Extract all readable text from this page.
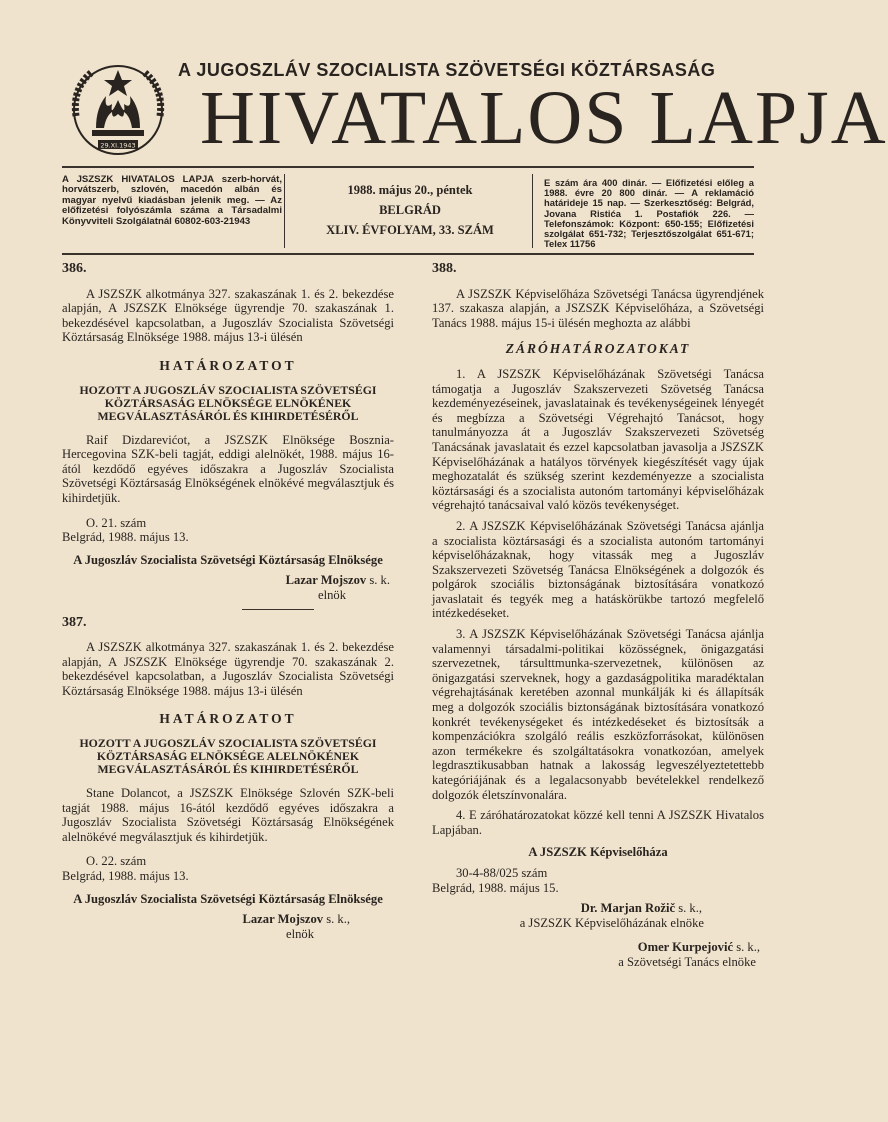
29.XI.1943
A JUGOSZLÁV SZOCIALISTA SZÖVETSÉGI KÖZTÁRSASÁG
HIVATALOS LAPJA
A JSZSZK HIVATALOS LAPJA szerb-horvát, horvátszerb, szlovén, macedón albán és magyar nyelvű kiadásban jelenik meg. — Az előfizetési folyószámla száma a Társadalmi Könyvviteli Szolgálatnál 60802-603-21943
1988. május 20., péntek
BELGRÁD
XLIV. ÉVFOLYAM, 33. SZÁM
E szám ára 400 dinár. — Előfizetési előleg a 1988. évre 20 800 dinár. — A reklamáció határideje 15 nap. — Szerkesztőség: Belgrád, Jovana Ristića 1. Postafiók 226. — Telefonszámok: Központ: 650-155; Előfizetési szolgálat 651-732; Terjesztőszolgálat 651-671; Telex 11756
386.

A JSZSZK alkotmánya 327. szakaszának 1. és 2. bekezdése alapján, A JSZSZK Elnöksége ügyrendje 70. szakaszának 1. bekezdésével kapcsolatban, a Jugoszláv Szocialista Szövetségi Köztársaság Elnöksége 1988. május 13-i ülésén

HATÁROZATOT
HOZOTT A JUGOSZLÁV SZOCIALISTA SZÖVETSÉGI KÖZTÁRSASÁG ELNÖKSÉGE ELNÖKÉNEK MEGVÁLASZTÁSÁRÓL ÉS KIHIRDETÉSÉRŐL

Raif Dizdarevićot, a JSZSZK Elnöksége Bosznia-Hercegovina SZK-beli tagját, eddigi alelnökét, 1988. május 16-ától kezdődő egyéves időszakra a Jugoszláv Szocialista Szövetségi Köztársaság Elnökségének elnökévé megválasztjuk és kihirdetjük.

O. 21. szám
Belgrád, 1988. május 13.
A Jugoszláv Szocialista Szövetségi Köztársaság Elnöksége
Lazar Mojszov s. k.
elnök
387.

A JSZSZK alkotmánya 327. szakaszának 1. és 2. bekezdése alapján, A JSZSZK Elnöksége ügyrendje 70. szakaszának 2. bekezdésével kapcsolatban, a Jugoszláv Szocialista Szövetségi Köztársaság Elnöksége 1988. május 13-i ülésén

HATÁROZATOT
HOZOTT A JUGOSZLÁV SZOCIALISTA SZÖVETSÉGI KÖZTÁRSASÁG ELNÖKSÉGE ALELNÖKÉNEK MEGVÁLASZTÁSÁRÓL ÉS KIHIRDETÉSÉRŐL

Stane Dolancot, a JSZSZK Elnöksége Szlovén SZK-beli tagját 1988. május 16-ától kezdődő egyéves időszakra a Jugoszláv Szocialista Szövetségi Köztársaság Elnökségének alelnökévé megválasztjuk és kihirdetjük.

O. 22. szám
Belgrád, 1988. május 13.
A Jugoszláv Szocialista Szövetségi Köztársaság Elnöksége
Lazar Mojszov s. k.,
elnök
388.

A JSZSZK Képviselőháza Szövetségi Tanácsa ügyrendjének 137. szakasza alapján, a JSZSZK Képviselőháza, a Szövetségi Tanács 1988. május 15-i ülésén meghozta az alábbi

ZÁRÓHATÁROZATOKAT

1. A JSZSZK Képviselőházának Szövetségi Tanácsa támogatja a Jugoszláv Szakszervezeti Szövetség Tanácsa kezdeményezéseinek, javaslatainak és tevékenységeinek lényegét és megbízza a Szövetségi Végrehajtó Tanácsot, hogy tanulmányozza át a Jugoszláv Szakszervezeti Szövetség Tanácsának javaslatait és ezzel kapcsolatban javasolja a JSZSZK Képviselőházának a hatályos törvények kiegészítését vagy újak meghozatalát és szükség szerint kezdeményezze a szocialista köztársasági és a szocialista autonóm tartományi képviselőházak végrehajtó tanácsaival való közös tevékenységet.

2. A JSZSZK Képviselőházának Szövetségi Tanácsa ajánlja a szocialista köztársasági és a szocialista autonóm tartományi képviselőházaknak, hogy vitassák meg a Jugoszláv Szakszervezeti Szövetség Tanácsa Elnökségének a dolgozók és polgárok szociális biztonságának biztosítására vonatkozó javaslatait és tegyék meg a hatáskörükbe tartozó megfelelő intézkedéseket.

3. A JSZSZK Képviselőházának Szövetségi Tanácsa ajánlja valamennyi társadalmi-politikai közösségnek, önigazgatási szervezetnek, társulttmunka-szervezetnek, különösen az önigazgatási szerveknek, hogy a gazdaságpolitika maradéktalan végrehajtásának keretében azonnal munkálják ki és állapítsák meg a dolgozók szociális biztonságának biztosítására vonatkozó konkrét tevékenységeket és intézkedéseket és biztosítsák a kompenzációkra szolgáló reális eszközforrásokat, különösen azon termékekre és szolgáltatásokra vonatkozóan, amelyek legdrasztikusabban hatnak a lakosság legveszélyeztetettebb kategóriájának és a legalacsonyabb bevételekkel rendelkező dolgozók életszínvonalára.

4. E záróhatározatokat közzé kell tenni A JSZSZK Hivatalos Lapjában.

A JSZSZK Képviselőháza
30-4-88/025 szám
Belgrád, 1988. május 15.
Dr. Marjan Rožič s. k.,
a JSZSZK Képviselőházának elnöke
Omer Kurpejović s. k.,
a Szövetségi Tanács elnöke
